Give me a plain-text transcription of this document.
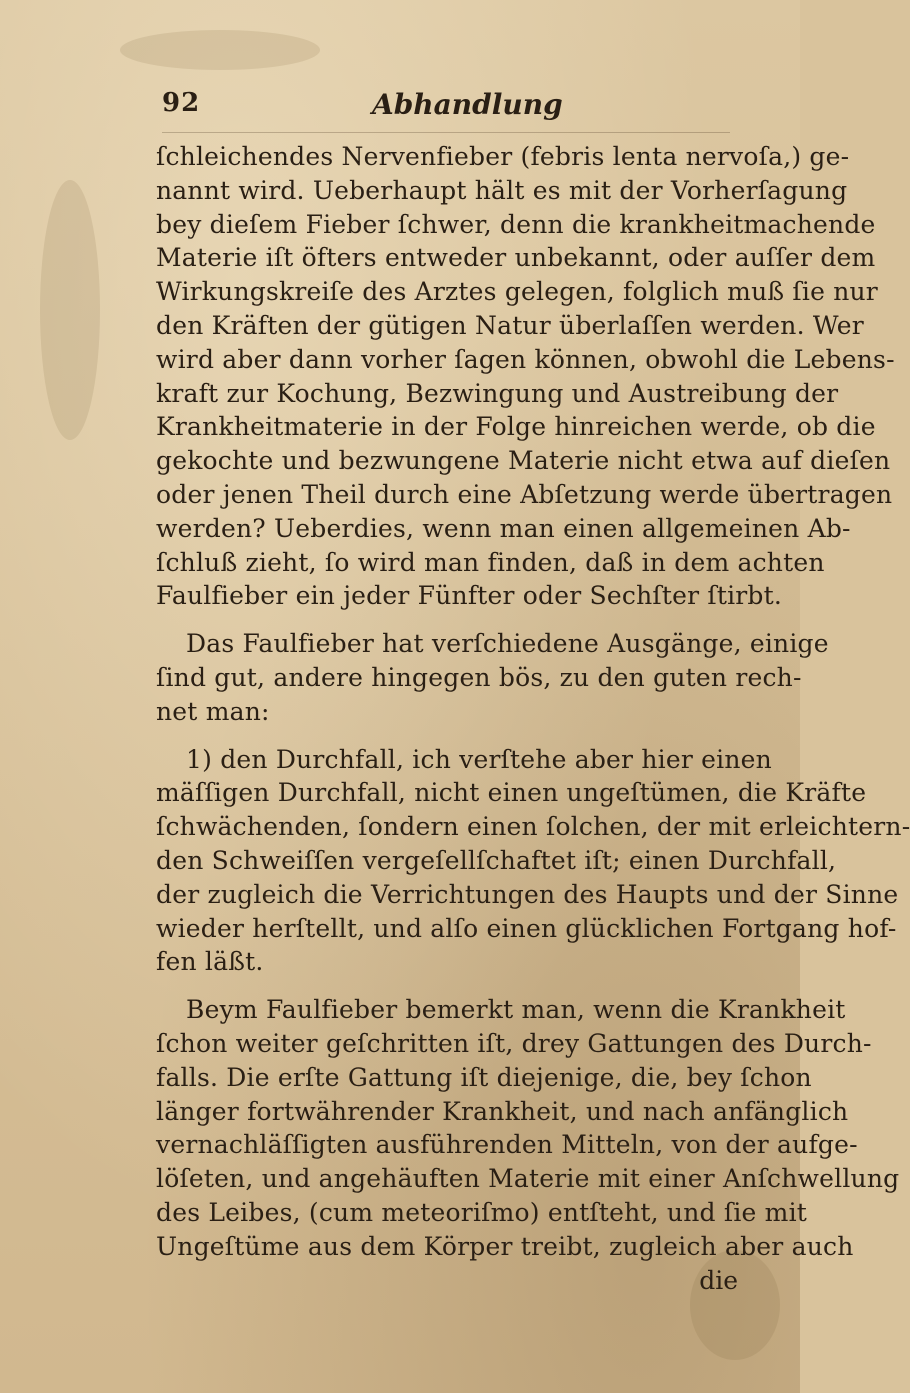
92	Abhandlung
ſchleichendes Nervenfieber (febris lenta nervoſa,) ge-
nannt wird. Ueberhaupt hält es mit der Vorherſagung
bey dieſem Fieber ſchwer, denn die krankheitmachende
Materie iſt öfters entweder unbekannt, oder auſſer dem
Wirkungskreiſe des Arztes gelegen, folglich muß ſie nur
den Kräften der gütigen Natur überlaſſen werden. Wer
wird aber dann vorher ſagen können, obwohl die Lebens-
kraft zur Kochung, Bezwingung und Austreibung der
Krankheitmaterie in der Folge hinreichen werde, ob die
gekochte und bezwungene Materie nicht etwa auf dieſen
oder jenen Theil durch eine Abſetzung werde übertragen
werden? Ueberdies, wenn man einen allgemeinen Ab-
ſchluß zieht, ſo wird man finden, daß in dem achten
Faulfieber ein jeder Fünfter oder Sechſter ſtirbt.
Das Faulfieber hat verſchiedene Ausgänge, einige
ſind gut, andere hingegen bös, zu den guten rech-
net man:
1) den Durchfall, ich verſtehe aber hier einen
mäſſigen Durchfall, nicht einen ungeſtümen, die Kräfte
ſchwächenden, ſondern einen ſolchen, der mit erleichtern-
den Schweiſſen vergeſellſchaftet iſt; einen Durchfall,
der zugleich die Verrichtungen des Haupts und der Sinne
wieder herſtellt, und alſo einen glücklichen Fortgang hof-
fen läßt.
Beym Faulfieber bemerkt man, wenn die Krankheit
ſchon weiter geſchritten iſt, drey Gattungen des Durch-
falls. Die erſte Gattung iſt diejenige, die, bey ſchon
länger fortwährender Krankheit, und nach anfänglich
vernachläſſigten ausführenden Mitteln, von der aufge-
löſeten, und angehäuften Materie mit einer Anſchwellung
des Leibes, (cum meteoriſmo) entſteht, und ſie mit
Ungeſtüme aus dem Körper treibt, zugleich aber auch
die
